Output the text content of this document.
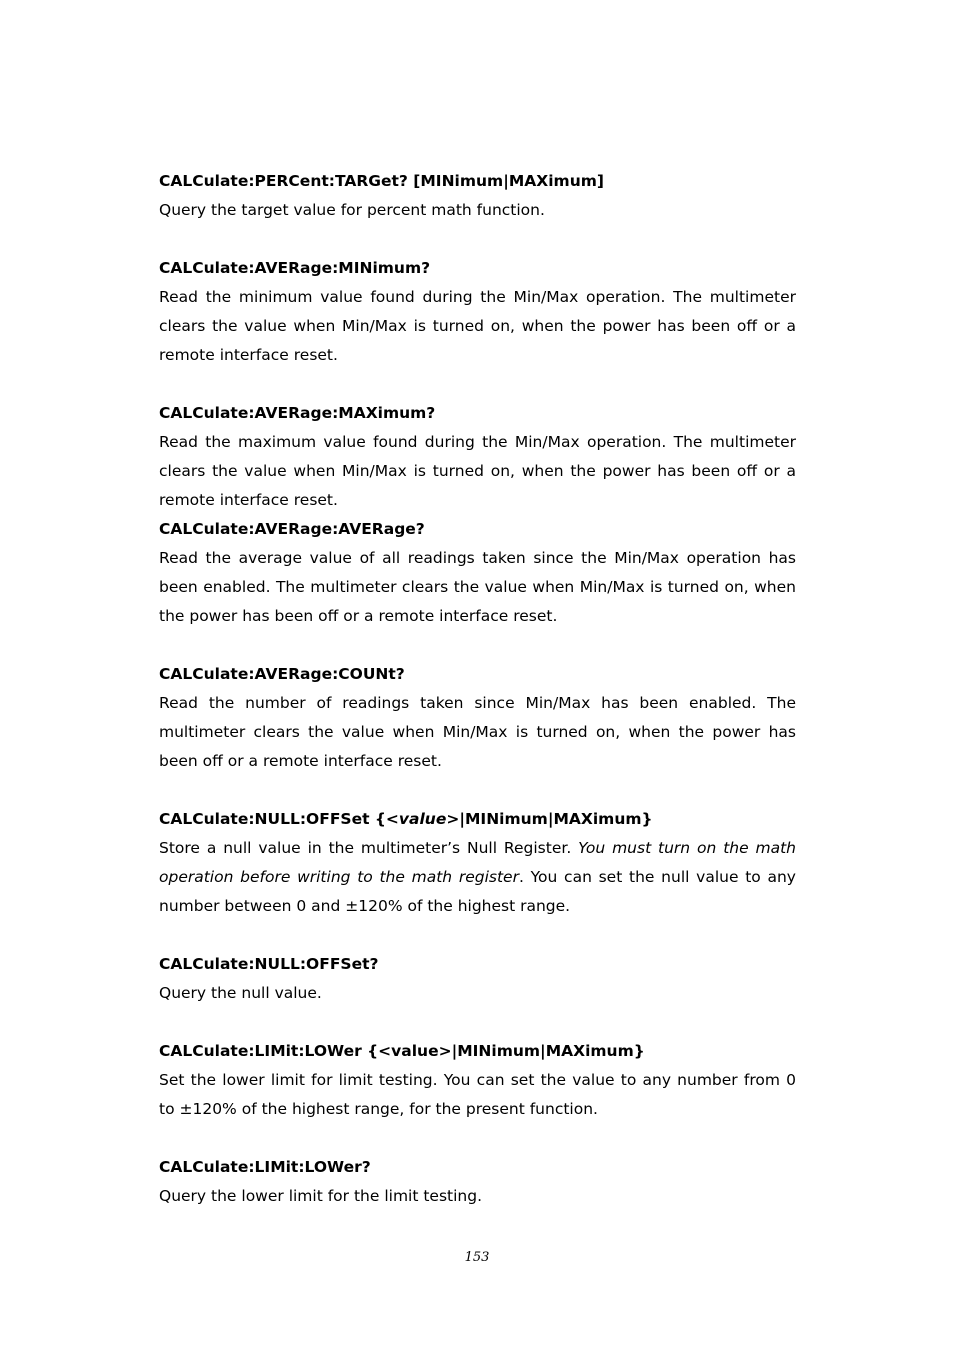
CALCulate:PERCent:TARGet? [MINimum|MAXimum]

Query the target value for percent math function.

CALCulate:AVERage:MINimum?

Read the minimum value found during the Min/Max operation. The multimeter clears the value when Min/Max is turned on, when the power has been off or a remote interface reset.

CALCulate:AVERage:MAXimum?

Read the maximum value found during the Min/Max operation. The multimeter clears the value when Min/Max is turned on, when the power has been off or a remote interface reset.

CALCulate:AVERage:AVERage?

Read the average value of all readings taken since the Min/Max operation has been enabled. The multimeter clears the value when Min/Max is turned on, when the power has been off or a remote interface reset.

CALCulate:AVERage:COUNt?

Read the number of readings taken since Min/Max has been enabled. The multimeter clears the value when Min/Max is turned on, when the power has been off or a remote interface reset.

CALCulate:NULL:OFFSet {<value>|MINimum|MAXimum}

Store a null value in the multimeter’s Null Register. You must turn on the math operation before writing to the math register. You can set the null value to any number between 0 and ±120% of the highest range.

CALCulate:NULL:OFFSet?

Query the null value.

CALCulate:LIMit:LOWer {<value>|MINimum|MAXimum}

Set the lower limit for limit testing. You can set the value to any number from 0 to ±120% of the highest range, for the present function.

CALCulate:LIMit:LOWer?

Query the lower limit for the limit testing.

153
